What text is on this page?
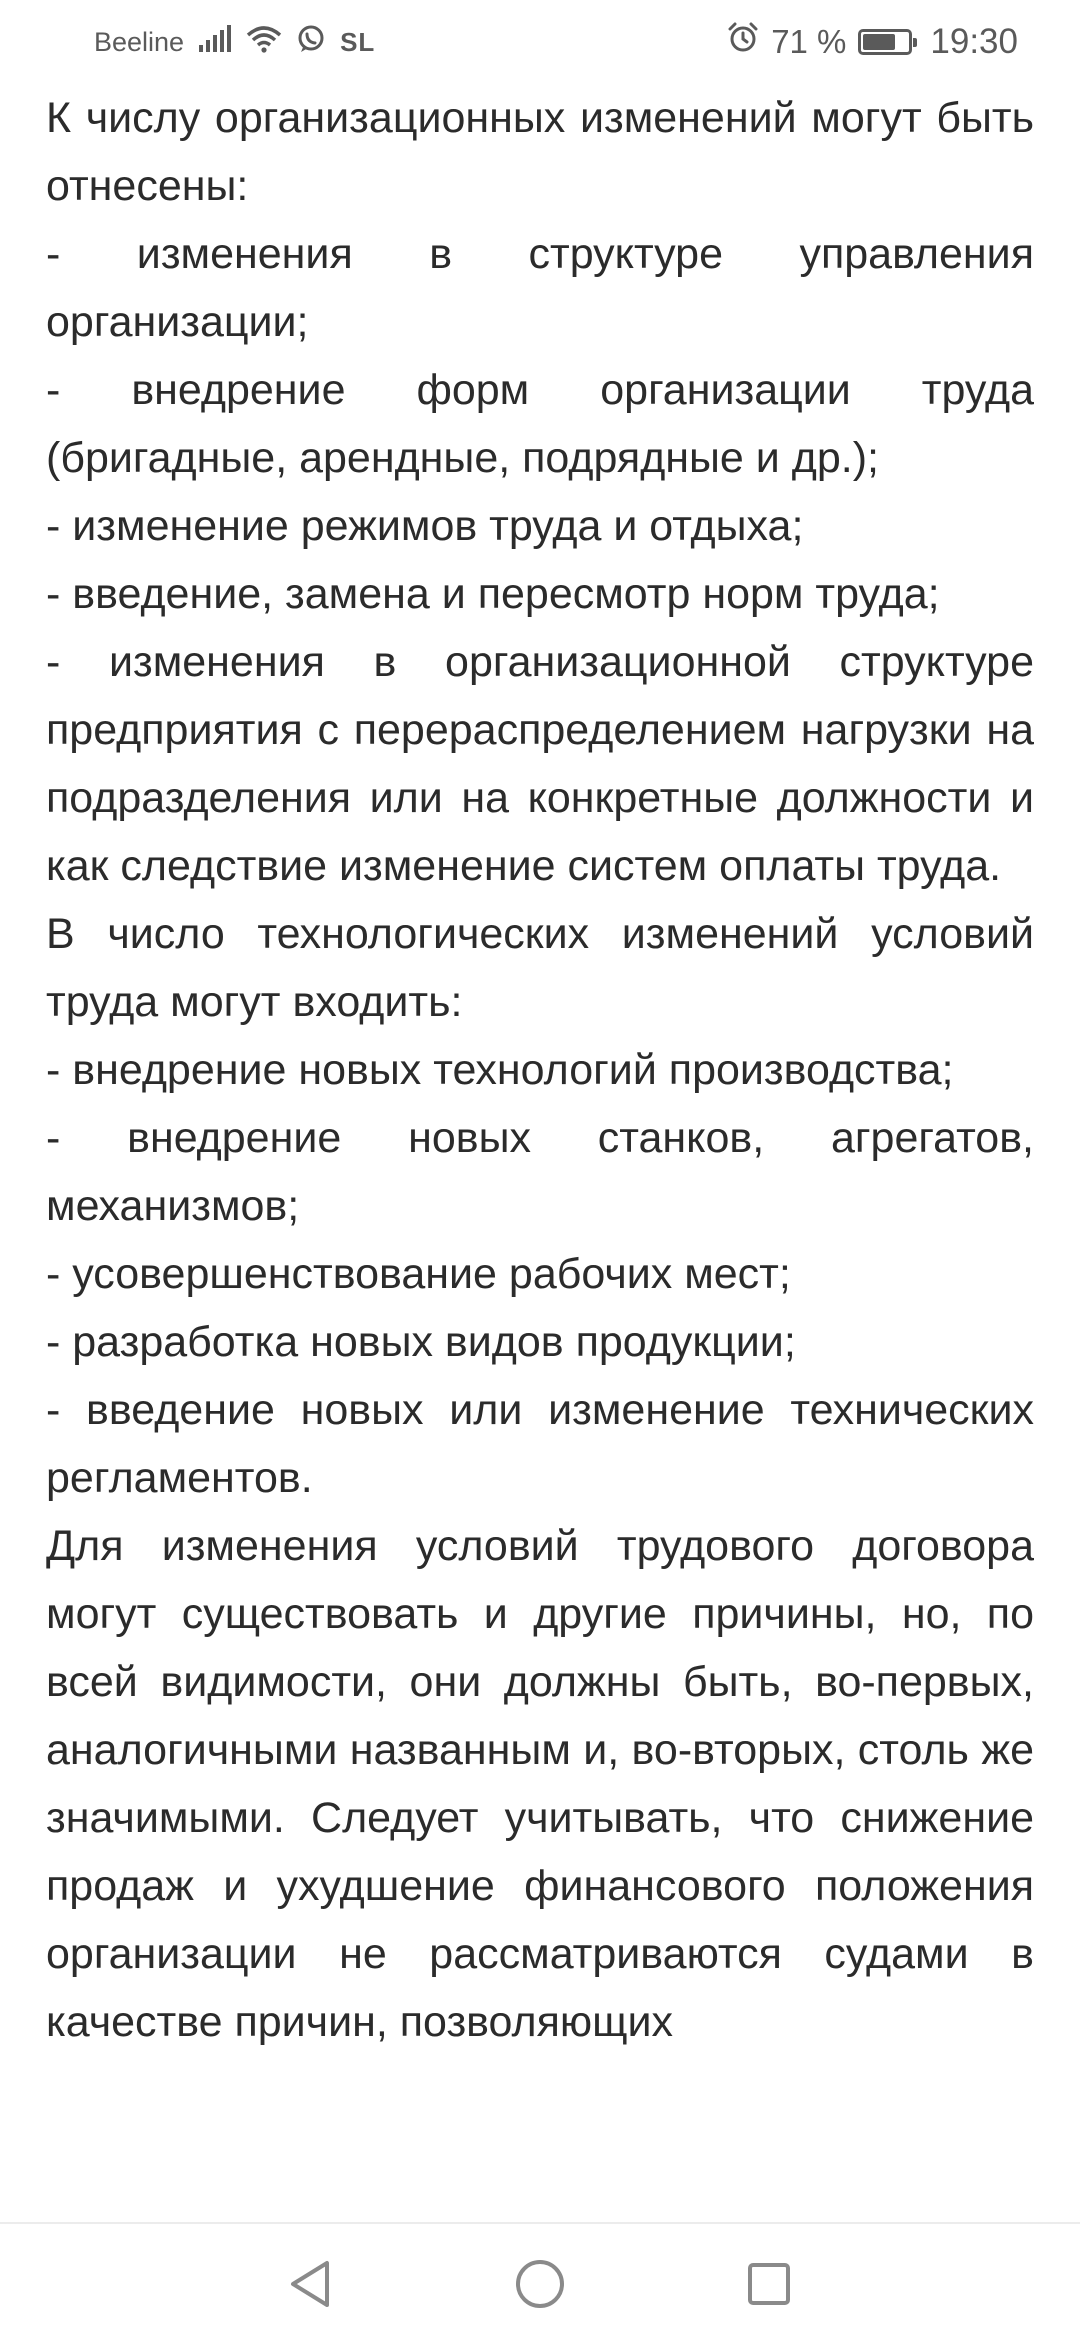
Beeline	SL	71 % 19:30

К числу организационных изменений могут быть отнесены:

- изменения в структуре управления организации;

- внедрение форм организации труда (бригадные, арендные, подрядные и др.);

- изменение режимов труда и отдыха;

- введение, замена и пересмотр норм труда;

- изменения в организационной структуре предприятия с перераспределением нагрузки на подразделения или на конкретные должности и как следствие изменение систем оплаты труда.

В число технологических изменений условий труда могут входить:

- внедрение новых технологий производства;

- внедрение новых станков, агрегатов, механизмов;

- усовершенствование рабочих мест;

- разработка новых видов продукции;

- введение новых или изменение технических регламентов.

Для изменения условий трудового договора могут существовать и другие причины, но, по всей видимости, они должны быть, во-первых, аналогичными названным и, во-вторых, столь же значимыми. Следует учитывать, что снижение продаж и ухудшение финансового положения организации не рассматриваются судами в качестве причин, позволяющих
